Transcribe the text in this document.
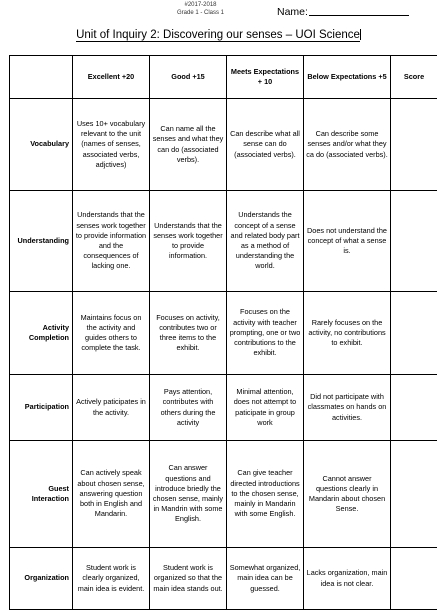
#2017-2018
Grade 1 - Class 1	Name:
Unit of Inquiry 2: Discovering our senses – UOI Science
	Excellent +20	Good +15	Meets Expectations + 10	Below Expectations +5	Score
Vocabulary	Uses 10+ vocabulary relevant to the unit (names of senses, associated verbs, adjctives)	Can name all the senses and what they can do (associated verbs).	Can describe what all sense can do (associated verbs).	Can describe some senses and/or what they ca do (associated verbs).	
Understanding	Understands that the senses work together to provide information and the consequences of lacking one.	Understands that the senses work together to provide information.	Understands the concept of a sense and related body part as a method of understanding the world.	Does not understand the concept of what a sense is.	
Activity Completion	Maintains focus on the activity and guides others to complete the task.	Focuses on activity, contributes two or three items to the exhibit.	Focuses on the activity with teacher prompting, one or two contributions to the exhibit.	Rarely focuses on the activity, no contributions to exhibit.	
Participation	Actively paticipates in the activity.	Pays attention, contributes with others during the activity	Minimal attention, does not attempt to paticipate in group work	Did not participate with classmates on hands on activities.	
Guest Interaction	Can actively speak about chosen sense, answering question both in English and Mandarin.	Can answer questions and introduce briedly the chosen sense, mainly in Mandrin with some English.	Can give teacher directed introductions to the chosen sense, mainly in Mandarin with some English.	Cannot answer questions clearly in Mandarin about chosen Sense.	
Organization	Student work is clearly organized, main idea is evident.	Student work is organized so that the main idea stands out.	Somewhat organized, main idea can be guessed.	Lacks organization, main idea is not clear.	
